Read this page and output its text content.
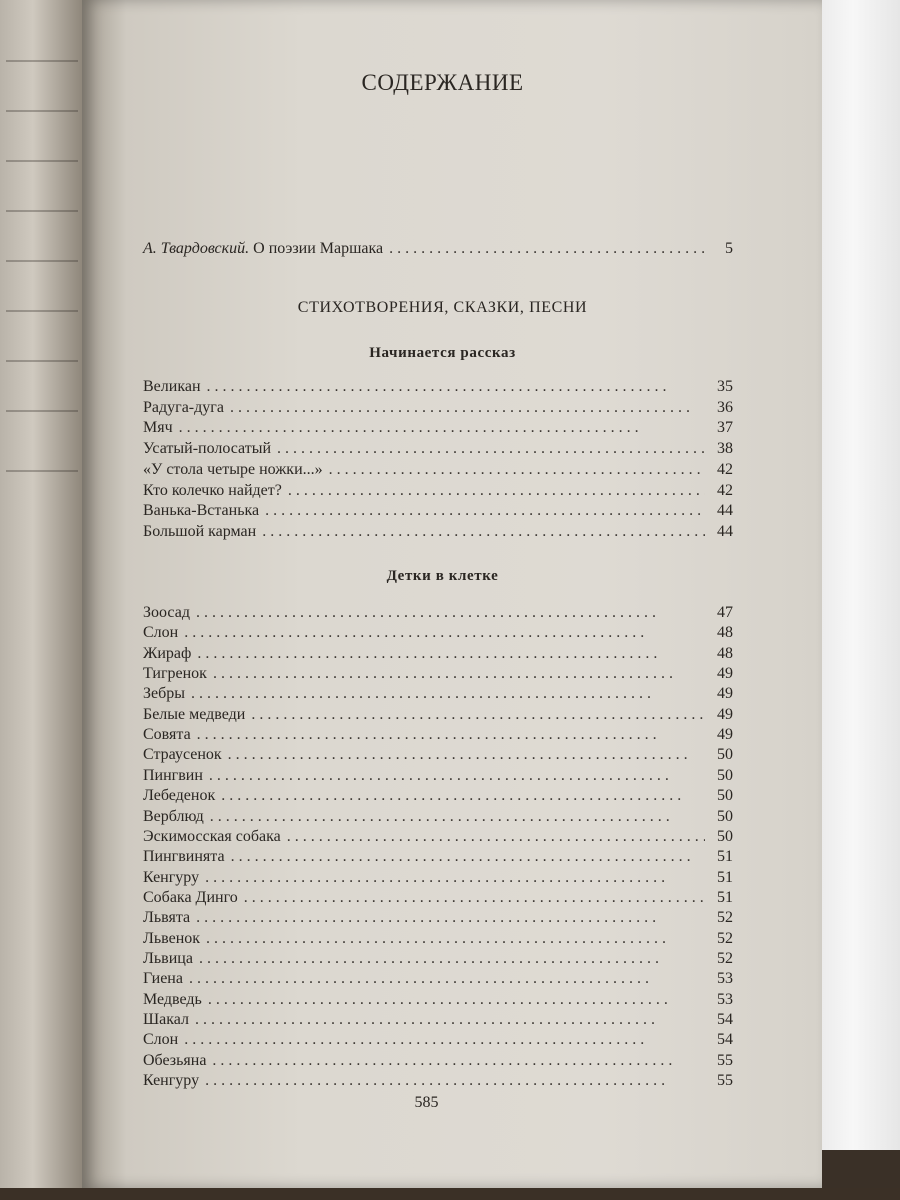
СОДЕРЖАНИЕ
А. Твардовский. О поэзии Маршака . .	5
СТИХОТВОРЕНИЯ, СКАЗКИ, ПЕСНИ
Начинается рассказ
Великан . .	35
Радуга-дуга . .	36
Мяч . .	37
Усатый-полосатый . .	38
«У стола четыре ножки...» . .	42
Кто колечко найдет? . .	42
Ванька-Встанька . .	44
Большой карман . .	44
Детки в клетке
Зоосад . .	47
Слон . .	48
Жираф . .	48
Тигренок . .	49
Зебры . .	49
Белые медведи . .	49
Совята . .	49
Страусенок . .	50
Пингвин . .	50
Лебеденок . .	50
Верблюд . .	50
Эскимосская собака . .	50
Пингвинята . .	51
Кенгуру . .	51
Собака Динго . .	51
Львята . .	52
Львенок . .	52
Львица . .	52
Гиена . .	53
Медведь . .	53
Шакал . .	54
Слон . .	54
Обезьяна . .	55
Кенгуру . .	55
585
